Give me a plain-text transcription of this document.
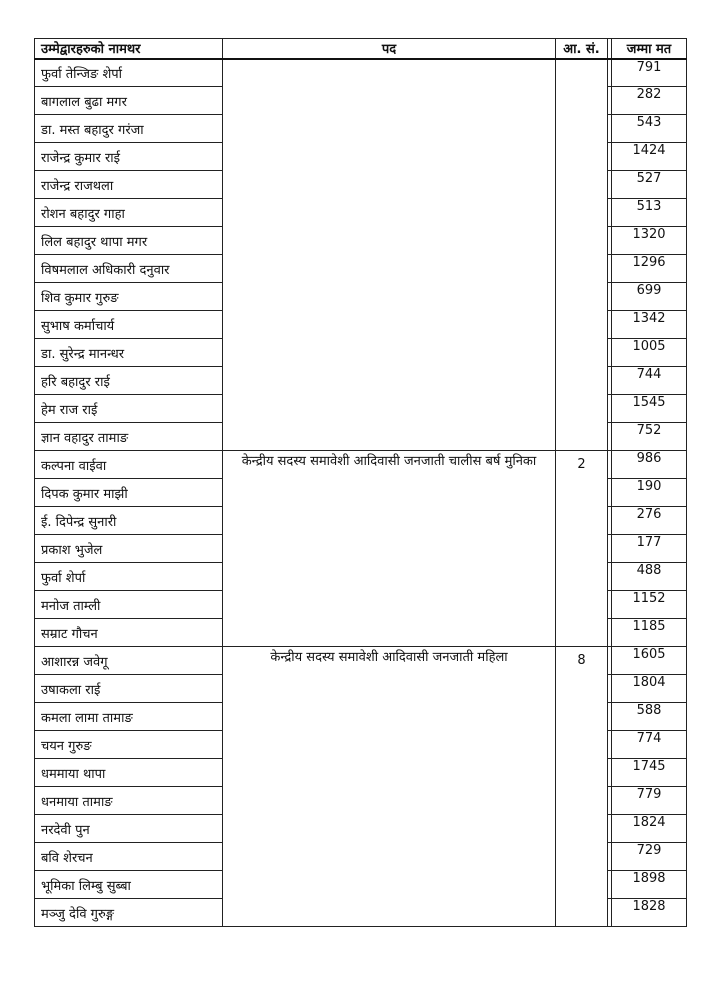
उम्मेद्वारहरुको नामथर	पद	आ. सं.		जम्मा मत
फुर्वा तेन्जिङ शेर्पा				791
बागलाल बुढा मगर				282
डा. मस्त बहादुर गरंजा				543
राजेन्द्र कुमार राई				1424
राजेन्द्र राजथला				527
रोशन बहादुर गाहा				513
लिल बहादुर थापा मगर				1320
विषमलाल अधिकारी दनुवार				1296
शिव कुमार गुरुङ				699
सुभाष कर्माचार्य				1342
डा. सुरेन्द्र मानन्धर				1005
हरि बहादुर राई				744
हेम राज राई				1545
ज्ञान वहादुर तामाङ				752
कल्पना वाईवा	केन्द्रीय सदस्य समावेशी आदिवासी जनजाती चालीस बर्ष मुनिका	2		986
दिपक कुमार माझी				190
ई. दिपेन्द्र सुनारी				276
प्रकाश भुजेल				177
फुर्वा शेर्पा				488
मनोज ताम्ली				1152
सम्राट गौचन				1185
आशारन्न जवेगू	केन्द्रीय सदस्य समावेशी आदिवासी जनजाती महिला	8		1605
उषाकला राई				1804
कमला लामा तामाङ				588
चयन गुरुङ				774
धममाया थापा				1745
धनमाया तामाङ				779
नरदेवी पुन				1824
बवि शेरचन				729
भूमिका लिम्बु सुब्बा				1898
मञ्जु देवि गुरुङ्ग				1828
